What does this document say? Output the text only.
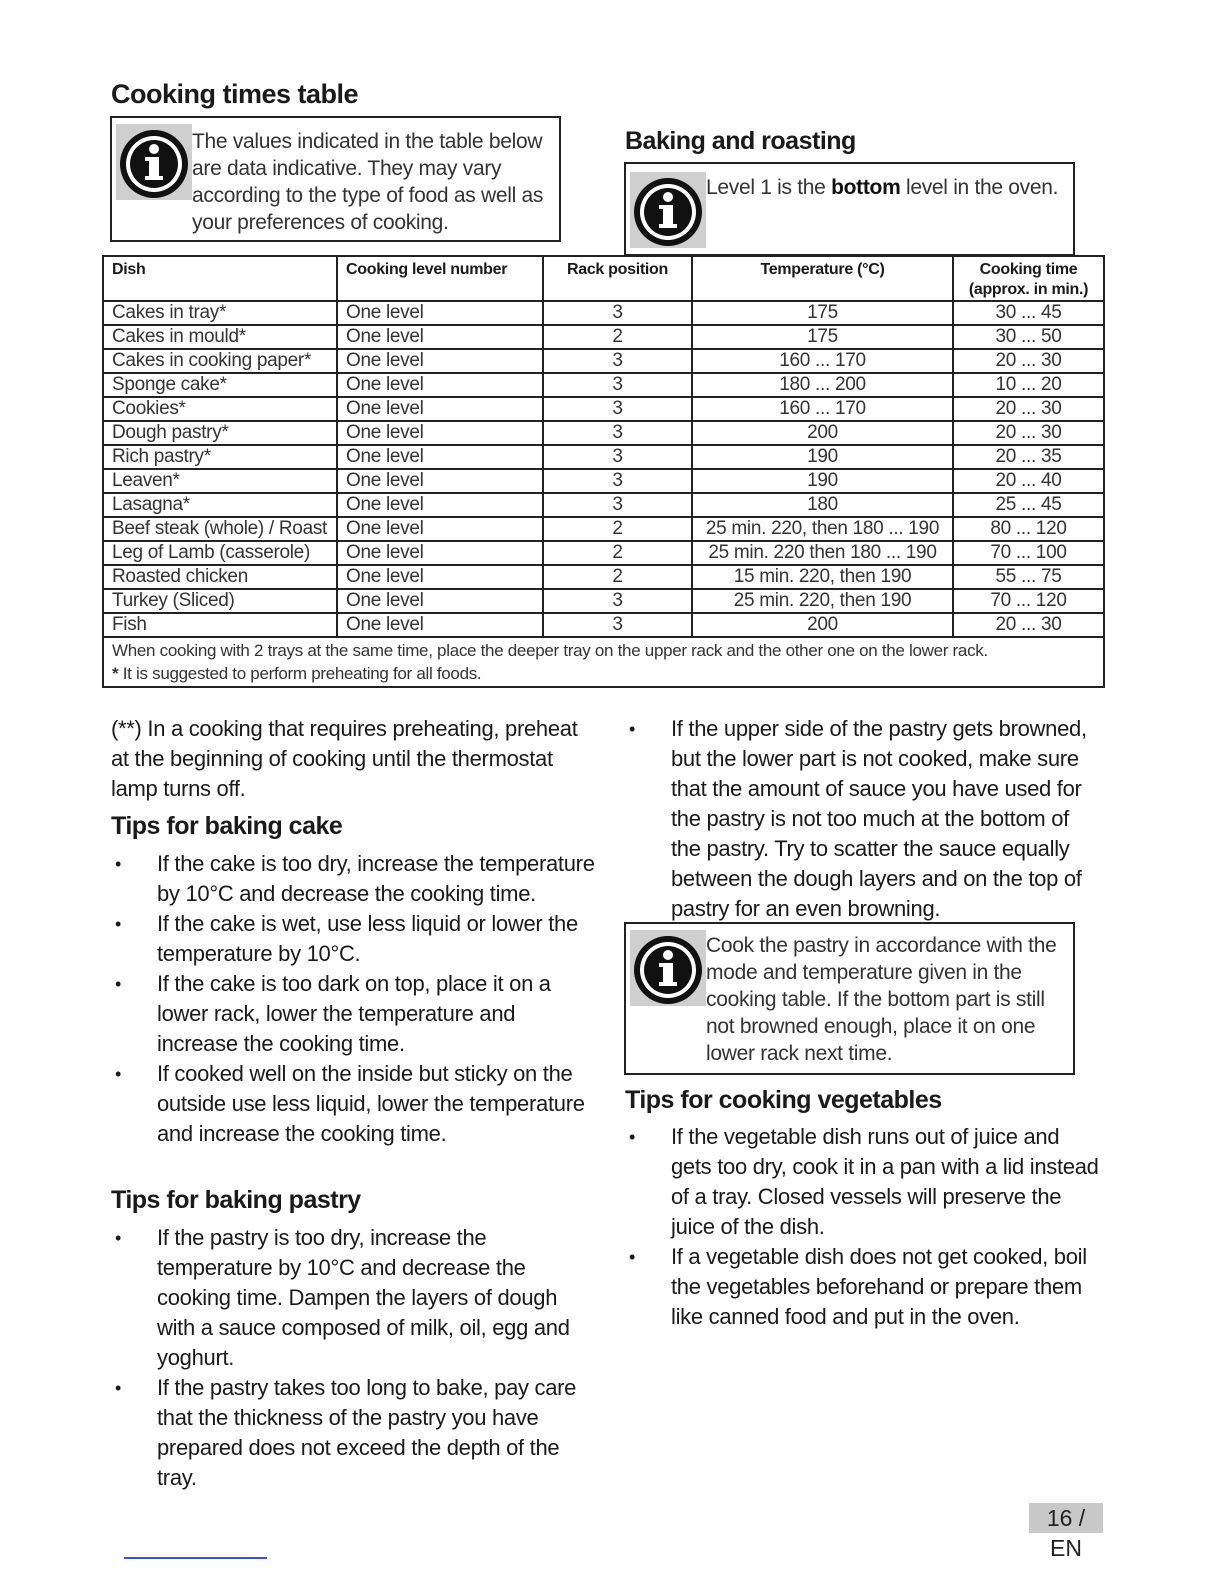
Cooking times table
The values indicated in the table below are data indicative. They may vary according to the type of food as well as your preferences of cooking.
Baking and roasting
Level 1 is the bottom level in the oven.
Dish	Cooking level number	Rack position	Temperature (°C)	Cooking time
(approx. in min.)
Cakes in tray*	One level	3	175	30 ... 45
Cakes in mould*	One level	2	175	30 ... 50
Cakes in cooking paper*	One level	3	160 ... 170	20 ... 30
Sponge cake*	One level	3	180 ... 200	10 ... 20
Cookies*	One level	3	160 ... 170	20 ... 30
Dough pastry*	One level	3	200	20 ... 30
Rich pastry*	One level	3	190	20 ... 35
Leaven*	One level	3	190	20 ... 40
Lasagna*	One level	3	180	25 ... 45
Beef steak (whole) / Roast	One level	2	25 min. 220, then 180 ... 190	80 ... 120
Leg of Lamb (casserole)	One level	2	25 min. 220 then 180 ... 190	70 ... 100
Roasted chicken	One level	2	15 min. 220, then 190	55 ... 75
Turkey (Sliced)	One level	3	25 min. 220, then 190	70 ... 120
Fish	One level	3	200	20 ... 30

When cooking with 2 trays at the same time, place the deeper tray on the upper rack and the other one on the lower rack.
* It is suggested to perform preheating for all foods.				
(**) In a cooking that requires preheating, preheat at the beginning of cooking until the thermostat lamp turns off.
Tips for baking cake
• If the cake is too dry, increase the temperature by 10°C and decrease the cooking time.
• If the cake is wet, use less liquid or lower the temperature by 10°C.
• If the cake is too dark on top, place it on a lower rack, lower the temperature and increase the cooking time.
• If cooked well on the inside but sticky on the outside use less liquid, lower the temperature and increase the cooking time.
Tips for baking pastry
• If the pastry is too dry, increase the temperature by 10°C and decrease the cooking time. Dampen the layers of dough with a sauce composed of milk, oil, egg and yoghurt.
• If the pastry takes too long to bake, pay care that the thickness of the pastry you have prepared does not exceed the depth of the tray.
• If the upper side of the pastry gets browned, but the lower part is not cooked, make sure that the amount of sauce you have used for the pastry is not too much at the bottom of the pastry. Try to scatter the sauce equally between the dough layers and on the top of pastry for an even browning.
Cook the pastry in accordance with the mode and temperature given in the cooking table. If the bottom part is still not browned enough, place it on one lower rack next time.
Tips for cooking vegetables
• If the vegetable dish runs out of juice and gets too dry, cook it in a pan with a lid instead of a tray. Closed vessels will preserve the juice of the dish.
• If a vegetable dish does not get cooked, boil the vegetables beforehand or prepare them like canned food and put in the oven.
16 / EN
